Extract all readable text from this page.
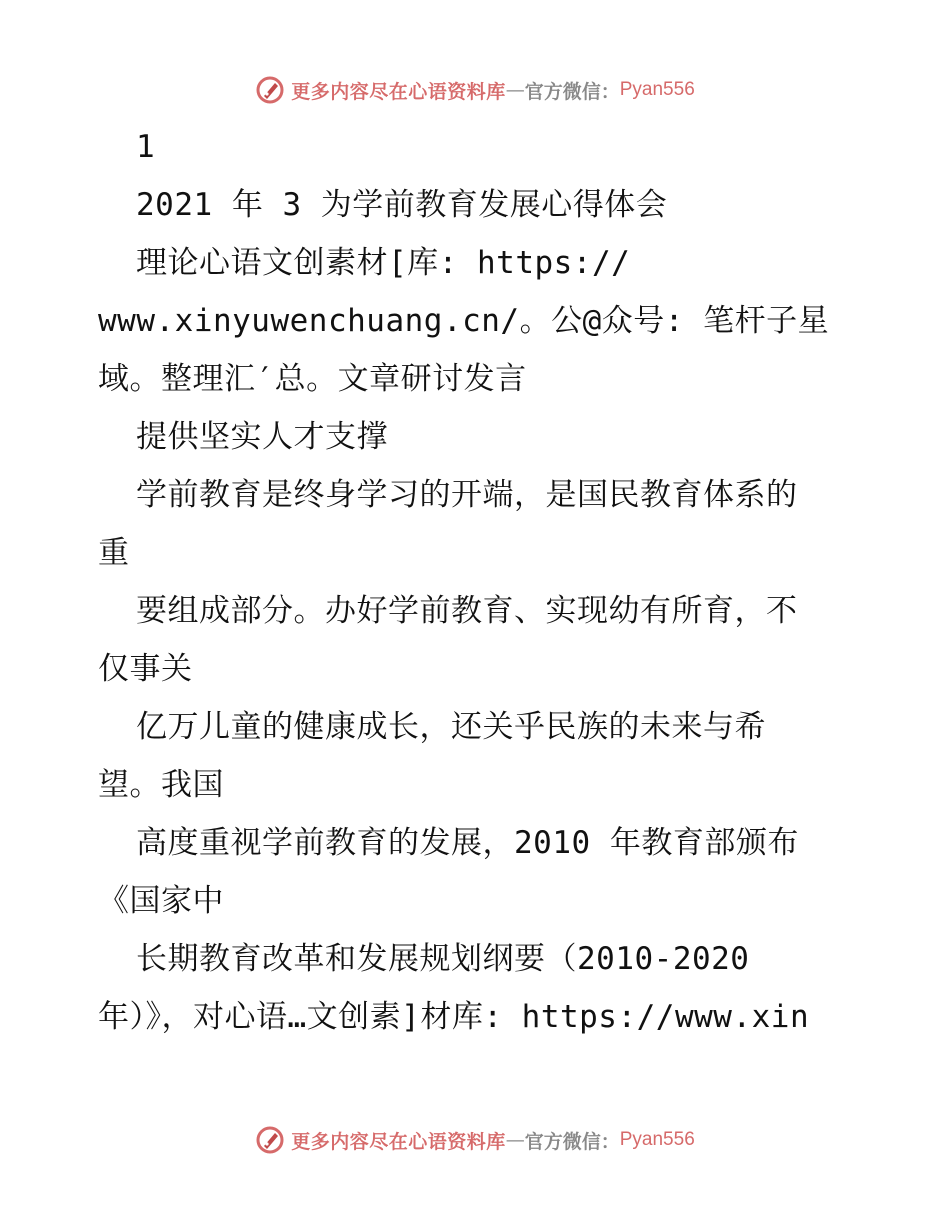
更多内容尽在心语资料库 — 官方微信： Pyan556
1
2021 年 3 为学前教育发展心得体会
理论心语文创素材[库: https://
www.xinyuwenchuang.cn/。公@众号: 笔杆子星
域。整理汇′总。文章研讨发言
提供坚实人才支撑
学前教育是终身学习的开端，是国民教育体系的
重
要组成部分。办好学前教育、实现幼有所育，不
仅事关
亿万儿童的健康成长，还关乎民族的未来与希
望。我国
高度重视学前教育的发展，2010 年教育部颁布
《国家中
长期教育改革和发展规划纲要（2010-2020
年）》，对心语…文创素]材库: https://www.xin
更多内容尽在心语资料库 — 官方微信： Pyan556
